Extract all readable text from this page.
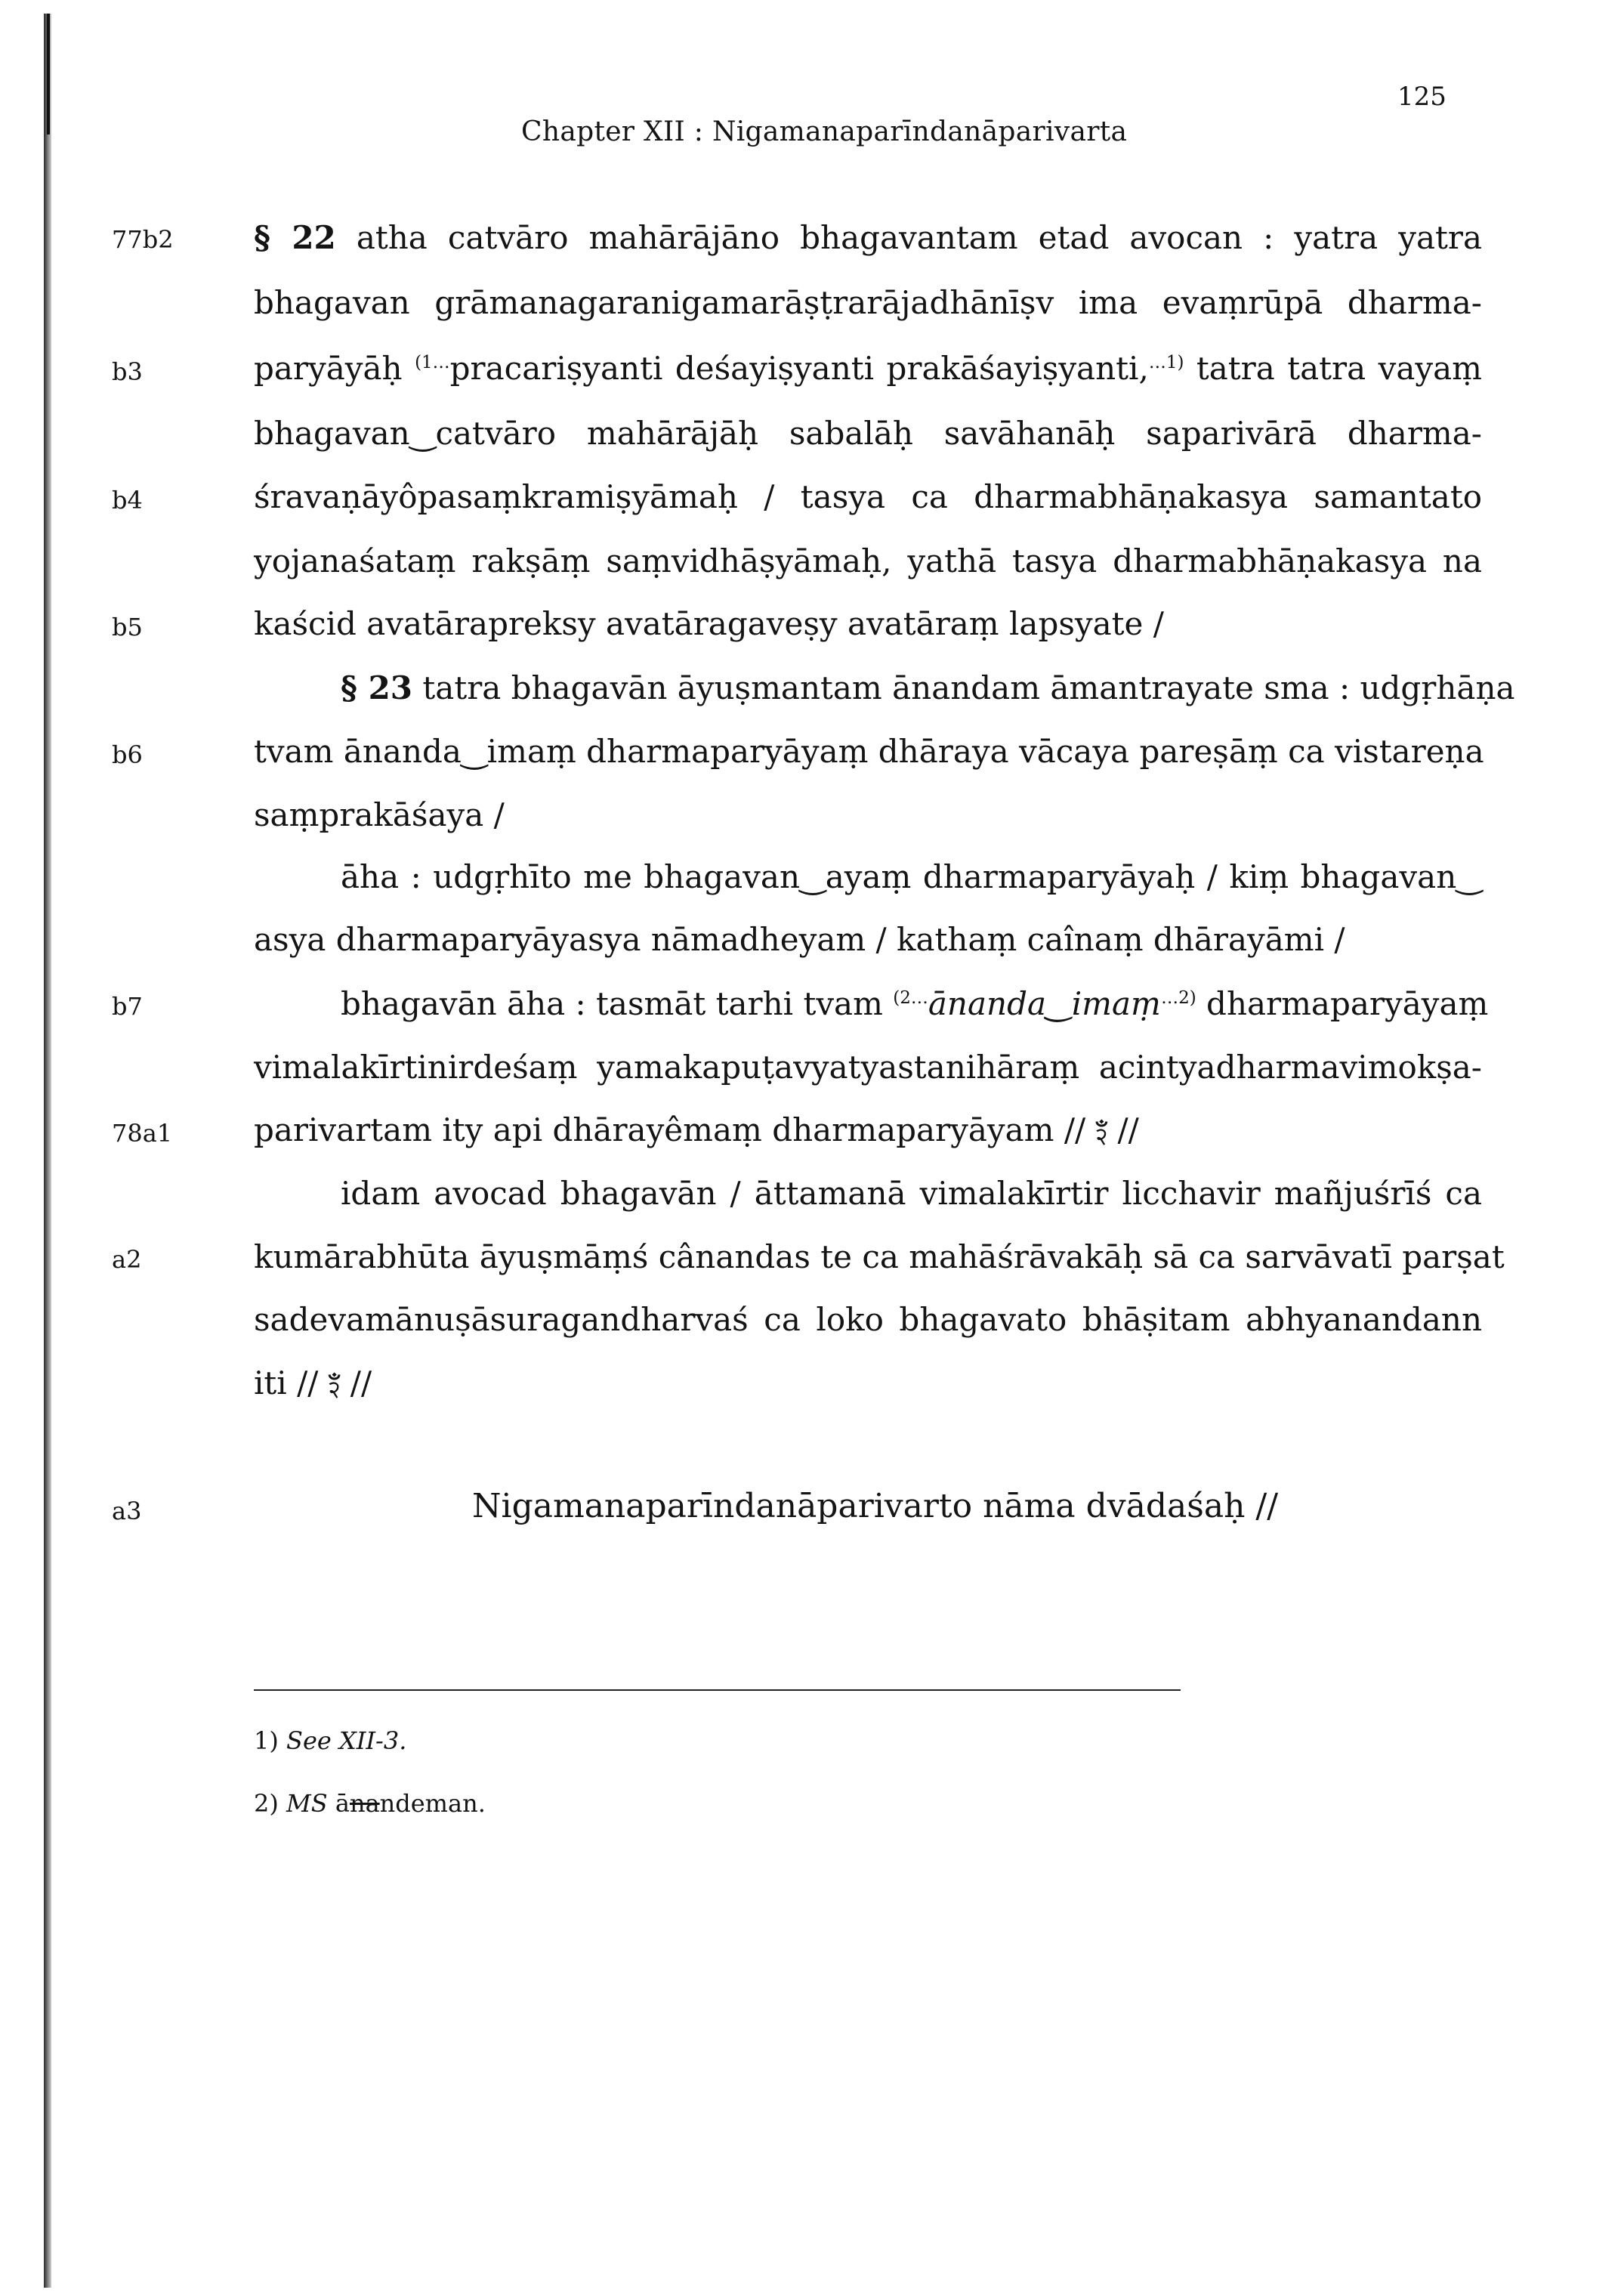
125
Chapter XII : Nigamanaparīndanāparivarta
77b2
b3
b4
b5
b6
b7
78a1
a2
a3
§ 22 atha catvāro mahārājāno bhagavantam etad avocan : yatra yatra
bhagavan grāmanagaranigamarāṣṭrarājadhānīṣv ima evaṃrūpā dharma-
paryāyāḥ $^{(1\dots}$pracariṣyanti deśayiṣyanti prakāśayiṣyanti,$^{\dots 1)}$ tatra tatra vayaṃ
bhagavan‿catvāro mahārājāḥ sabalāḥ savāhanāḥ saparivārā dharma-
śravaṇāyôpasaṃkramiṣyāmaḥ / tasya ca dharmabhāṇakasya samantato
yojanaśataṃ rakṣāṃ saṃvidhāṣyāmaḥ, yathā tasya dharmabhāṇakasya na
kaścid avatārapreksy avatāragaveṣy avatāraṃ lapsyate /
§ 23 tatra bhagavān āyuṣmantam ānandam āmantrayate sma : udgṛhāṇa
tvam ānanda‿imaṃ dharmaparyāyaṃ dhāraya vācaya pareṣāṃ ca vistareṇa
saṃprakāśaya /
āha : udgṛhīto me bhagavan‿ayaṃ dharmaparyāyaḥ / kiṃ bhagavan‿
asya dharmaparyāyasya nāmadheyam / kathaṃ caînaṃ dhārayāmi /
bhagavān āha : tasmāt tarhi tvam $^{(2\dots}$ānanda‿imaṃ$^{\dots 2)}$ dharmaparyāyaṃ
vimalakīrtinirdeśaṃ yamakapuṭavyatyastanihāraṃ acintyadharmavimokṣa-
parivartam ity api dhārayêmaṃ dharmaparyāyam // ꣵ //
idam avocad bhagavān / āttamanā vimalakīrtir licchavir mañjuśrīś ca
kumārabhūta āyuṣmāṃś cânandas te ca mahāśrāvakāḥ sā ca sarvāvatī parṣat
sadevamānuṣāsuragandharvaś ca loko bhagavato bhāṣitam abhyanandann
iti // ꣵ //
Nigamanaparīndanāparivarto nāma dvādaśaḥ //
1) See XII-3.
2) MS ānandeman.
